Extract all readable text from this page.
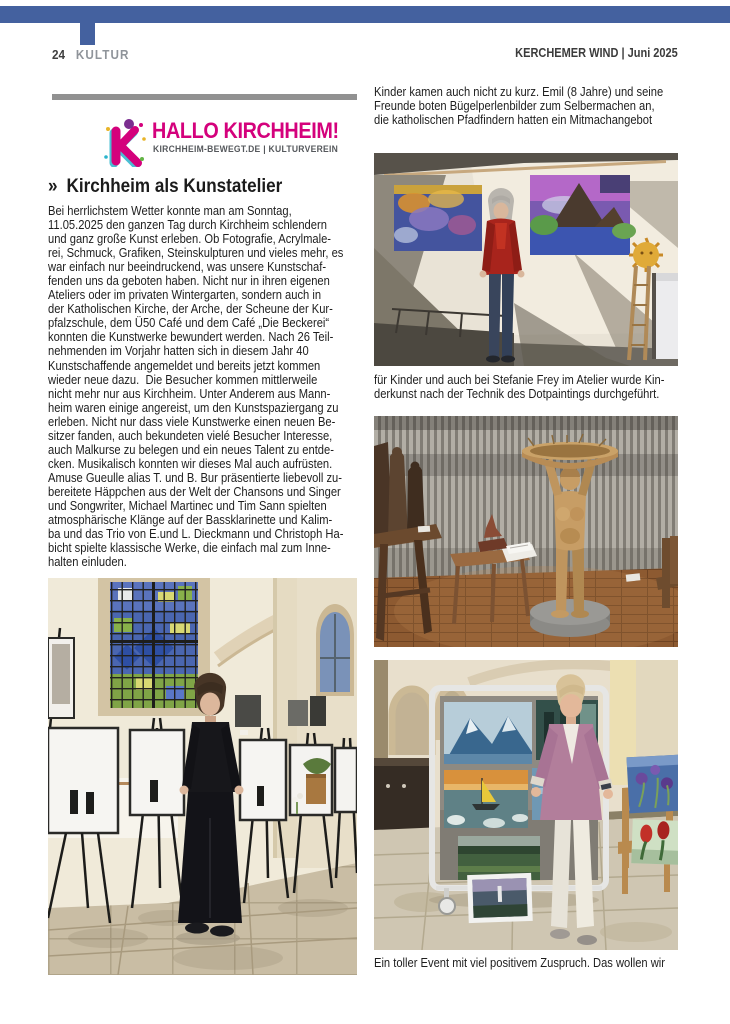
24 KULTUR	KERCHEMER WIND | Juni 2025
HALLO KIRCHHEIM!
KIRCHHEIM-BEWEGT.DE | KULTURVEREIN
» Kirchheim als Kunstatelier
Bei herrlichstem Wetter konnte man am Sonntag,
11.05.2025 den ganzen Tag durch Kirchheim schlendern
und ganz große Kunst erleben. Ob Fotografie, Acrylmale-
rei, Schmuck, Grafiken, Steinskulpturen und vieles mehr, es
war einfach nur beeindruckend, was unsere Kunstschaf-
fenden uns da geboten haben. Nicht nur in ihren eigenen
Ateliers oder im privaten Wintergarten, sondern auch in
der Katholischen Kirche, der Arche, der Scheune der Kur-
pfalzschule, dem Ü50 Café und dem Café „Die Beckerei“
konnten die Kunstwerke bewundert werden. Nach 26 Teil-
nehmenden im Vorjahr hatten sich in diesem Jahr 40
Kunstschaffende angemeldet und bereits jetzt kommen
wieder neue dazu.  Die Besucher kommen mittlerweile
nicht mehr nur aus Kirchheim. Unter Anderem aus Mann-
heim waren einige angereist, um den Kunstspaziergang zu
erleben. Nicht nur dass viele Kunstwerke einen neuen Be-
sitzer fanden, auch bekundeten vielé Besucher Interesse,
auch Malkurse zu belegen und ein neues Talent zu entde-
cken. Musikalisch konnten wir dieses Mal auch aufrüsten.
Amuse Gueulle alias T. und B. Bur präsentierte liebevoll zu-
bereitete Häppchen aus der Welt der Chansons und Singer
und Songwriter, Michael Martinec und Tim Sann spielten
atmosphärische Klänge auf der Bassklarinette und Kalim-
ba und das Trio von E.und L. Dieckmann und Christoph Ha-
bicht spielte klassische Werke, die einfach mal zum Inne-
halten einluden.
Kinder kamen auch nicht zu kurz. Emil (8 Jahre) und seine
Freunde boten Bügelperlenbilder zum Selbermachen an,
die katholischen Pfadfindern hatten ein Mitmachangebot
für Kinder und auch bei Stefanie Frey im Atelier wurde Kin-
derkunst nach der Technik des Dotpaintings durchgeführt.
Ein toller Event mit viel positivem Zuspruch. Das wollen wir
